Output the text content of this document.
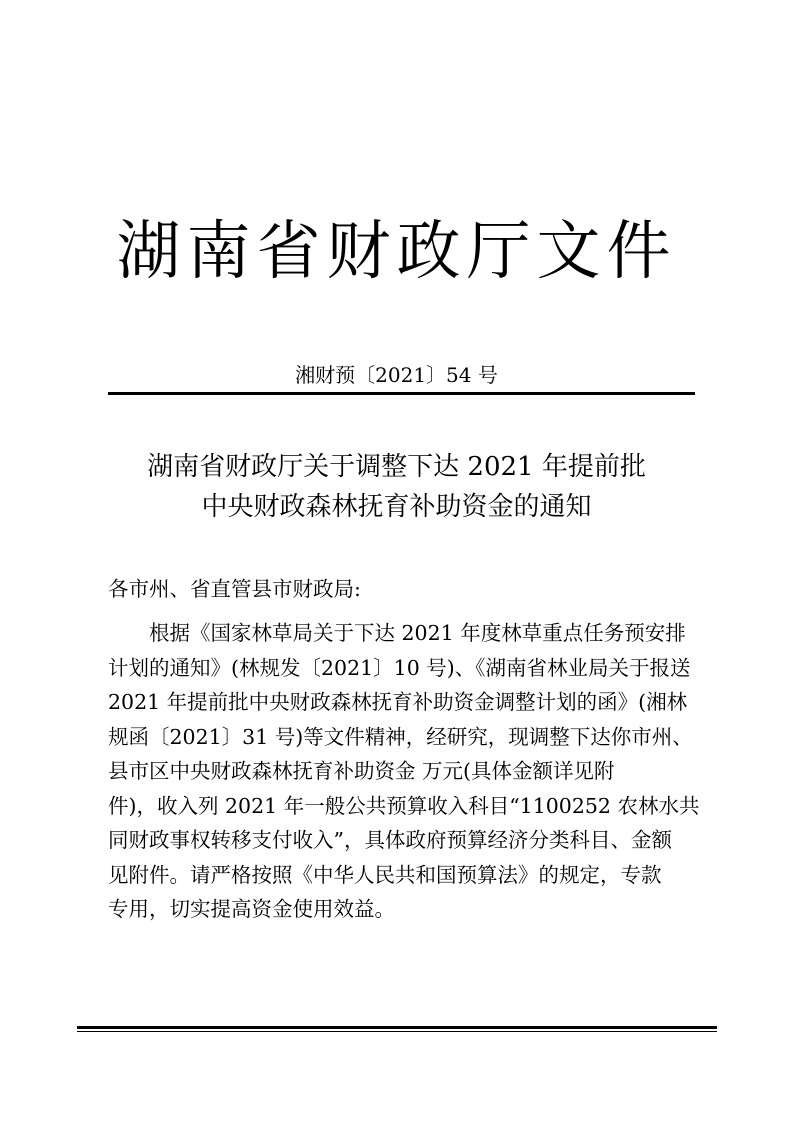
湖南省财政厅文件
湘财预〔2021〕54 号
湖南省财政厅关于调整下达 2021 年提前批
中央财政森林抚育补助资金的通知
各市州、省直管县市财政局:
根据《国家林草局关于下达 2021 年度林草重点任务预安排
计划的通知》(林规发〔2021〕10 号)、《湖南省林业局关于报送
2021 年提前批中央财政森林抚育补助资金调整计划的函》(湘林
规函〔2021〕31 号)等文件精神，经研究，现调整下达你市州、
县市区中央财政森林抚育补助资金 万元(具体金额详见附
件)，收入列 2021 年一般公共预算收入科目“1100252 农林水共
同财政事权转移支付收入”，具体政府预算经济分类科目、金额
见附件。请严格按照《中华人民共和国预算法》的规定，专款
专用，切实提高资金使用效益。
